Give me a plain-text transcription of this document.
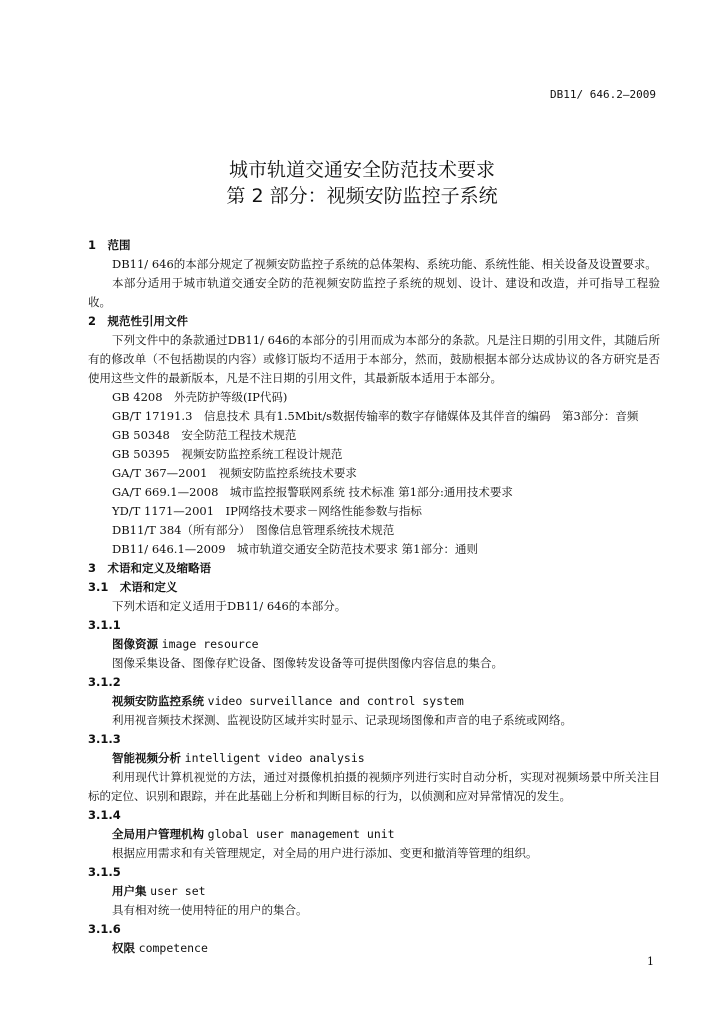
DB11/ 646.2—2009
城市轨道交通安全防范技术要求
第 2 部分：视频安防监控子系统

1　范围

DB11/ 646的本部分规定了视频安防监控子系统的总体架构、系统功能、系统性能、相关设备及设置要求。

本部分适用于城市轨道交通安全防的范视频安防监控子系统的规划、设计、建设和改造，并可指导工程验收。

2　规范性引用文件

下列文件中的条款通过DB11/ 646的本部分的引用而成为本部分的条款。凡是注日期的引用文件，其随后所有的修改单（不包括勘误的内容）或修订版均不适用于本部分，然而，鼓励根据本部分达成协议的各方研究是否使用这些文件的最新版本，凡是不注日期的引用文件，其最新版本适用于本部分。

GB 4208　外壳防护等级(IP代码)

GB/T 17191.3　信息技术 具有1.5Mbit/s数据传输率的数字存储媒体及其伴音的编码　第3部分：音频

GB 50348　安全防范工程技术规范

GB 50395　视频安防监控系统工程设计规范

GA/T 367—2001　视频安防监控系统技术要求

GA/T 669.1—2008　城市监控报警联网系统 技术标准 第1部分:通用技术要求

YD/T 1171—2001　IP网络技术要求－网络性能参数与指标

DB11/T 384（所有部分）　图像信息管理系统技术规范

DB11/ 646.1—2009　城市轨道交通安全防范技术要求 第1部分：通则

3　术语和定义及缩略语

3.1　术语和定义

下列术语和定义适用于DB11/ 646的本部分。

3.1.1

图像资源 image resource

图像采集设备、图像存贮设备、图像转发设备等可提供图像内容信息的集合。

3.1.2

视频安防监控系统 video surveillance and control system

利用视音频技术探测、监视设防区域并实时显示、记录现场图像和声音的电子系统或网络。

3.1.3

智能视频分析 intelligent video analysis

利用现代计算机视觉的方法，通过对摄像机拍摄的视频序列进行实时自动分析，实现对视频场景中所关注目标的定位、识别和跟踪，并在此基础上分析和判断目标的行为，以侦测和应对异常情况的发生。

3.1.4

全局用户管理机构 global user management unit

根据应用需求和有关管理规定，对全局的用户进行添加、变更和撤消等管理的组织。

3.1.5

用户集 user set

具有相对统一使用特征的用户的集合。

3.1.6

权限 competence

1
